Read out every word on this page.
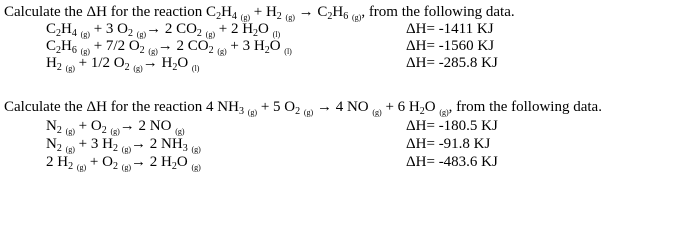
Calculate the ΔH for the reaction $C_2H_4$ $_{(g)} + H_2$ $_{(g)} \to C_2H_6$ $_{(g)}$, from the following data.
$C_2H_4$ $_{(g)}$ + 3 $O_2$ $_{(g)}$→ 2 $CO_2$ $_{(g)}$ + 2 $H_2O$ $_{(l)}$	ΔH= -1411 KJ
$C_2H_6$ $_{(g)}$ + 7/2 $O_2$ $_{(g)}$→ 2 $CO_2$ $_{(g)}$ + 3 $H_2O$ $_{(l)}$	ΔH= -1560 KJ
$H_2$ $_{(g)}$ + 1/2 $O_2$ $_{(g)}\to H_2O$ $_{(l)}$	ΔH= -285.8 KJ
Calculate the ΔH for the reaction 4 $NH_3$ $_{(g)}$ + 5 $O_2$ $_{(g)}$ → 4 NO $_{(g)}$ + 6 $H_2O$ $_{(g)}$, from the following data.
$N_2$ $_{(g)} + O_2$ $_{(g)}$→ 2 NO $_{(g)}$	ΔH= -180.5 KJ
$N_2$ $_{(g)}$ + 3 $H_2$ $_{(g)}$→ 2 $NH_3$ $_{(g)}$	ΔH= -91.8 KJ
2 $H_2$ $_{(g)} + O_2$ $_{(g)}$→ 2 $H_2O$ $_{(g)}$	ΔH= -483.6 KJ
